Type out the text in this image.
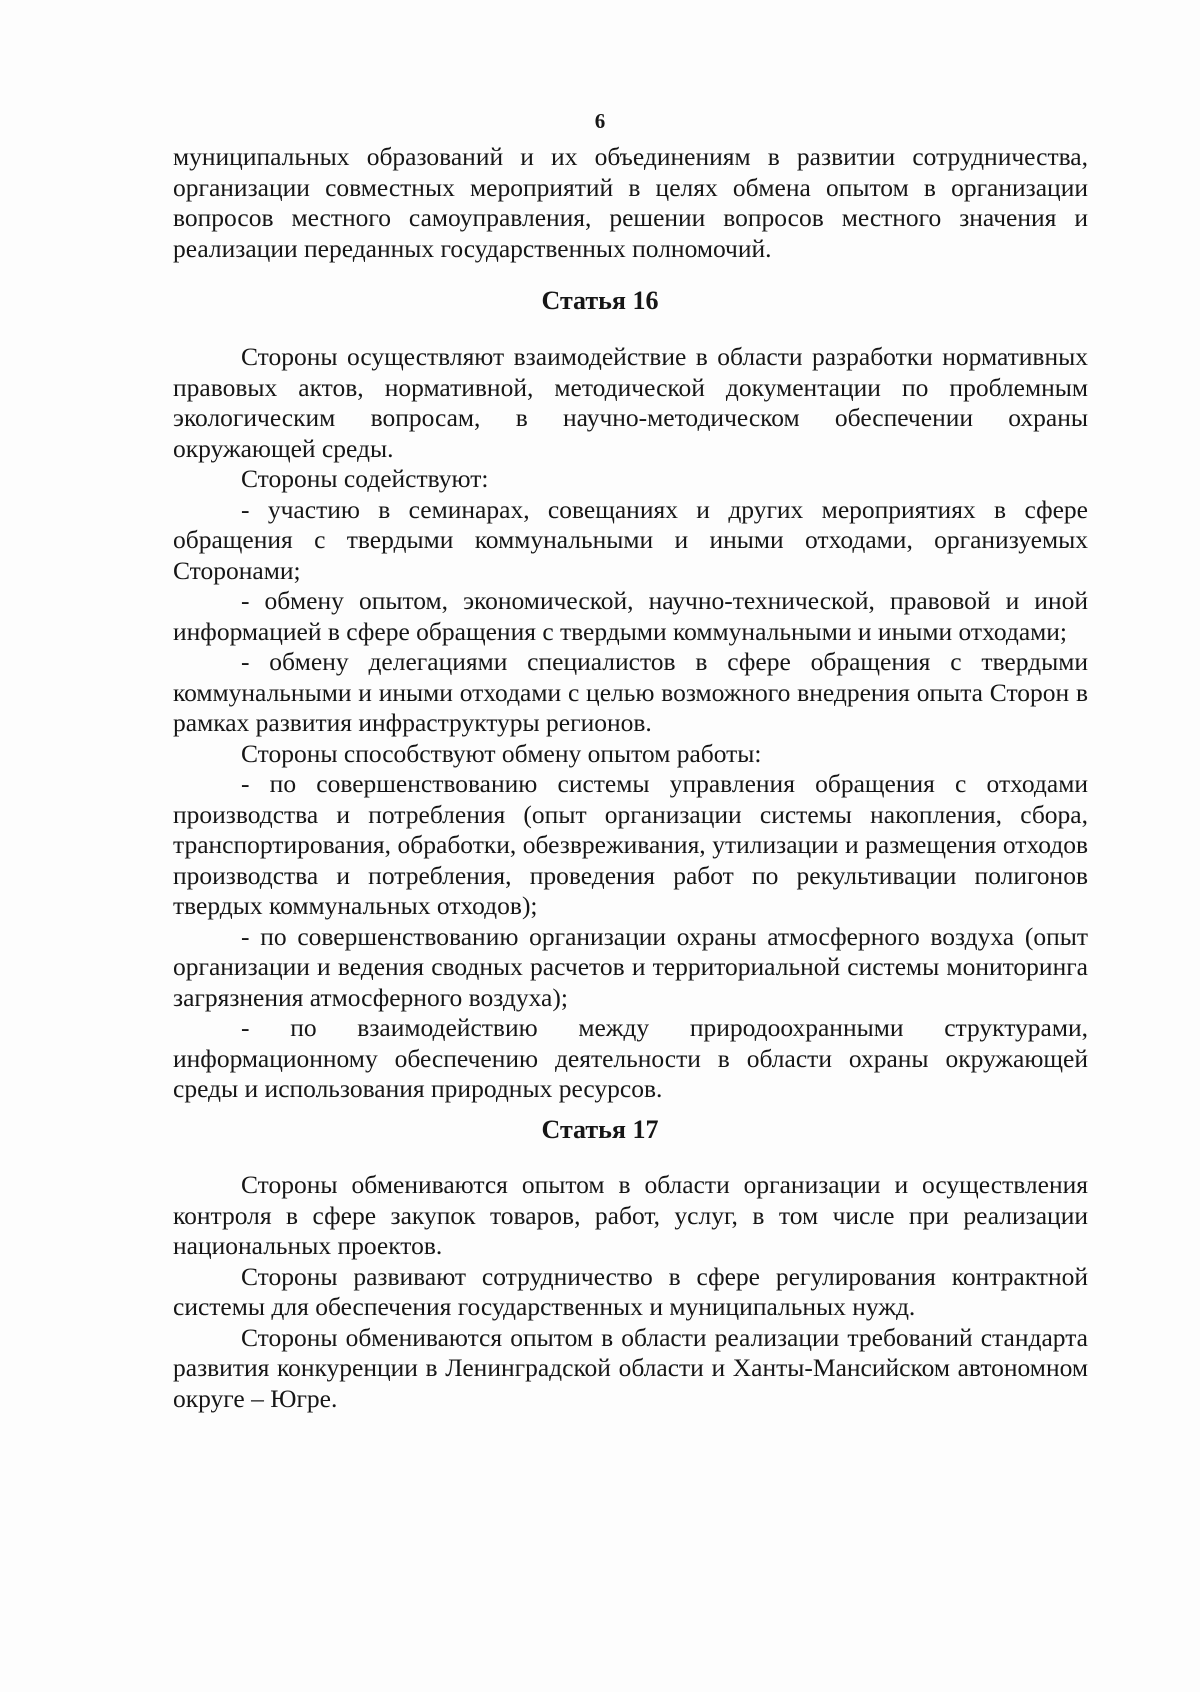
6

муниципальных образований и их объединениям в развитии сотрудничества, организации совместных мероприятий в целях обмена опытом в организации вопросов местного самоуправления, решении вопросов местного значения и реализации переданных государственных полномочий.

Статья 16

Стороны осуществляют взаимодействие в области разработки нормативных правовых актов, нормативной, методической документации по проблемным экологическим вопросам, в научно-методическом обеспечении охраны окружающей среды.

Стороны содействуют:

- участию в семинарах, совещаниях и других мероприятиях в сфере обращения с твердыми коммунальными и иными отходами, организуемых Сторонами;

- обмену опытом, экономической, научно-технической, правовой и иной информацией в сфере обращения с твердыми коммунальными и иными отходами;

- обмену делегациями специалистов в сфере обращения с твердыми коммунальными и иными отходами с целью возможного внедрения опыта Сторон в рамках развития инфраструктуры регионов.

Стороны способствуют обмену опытом работы:

- по совершенствованию системы управления обращения с отходами производства и потребления (опыт организации системы накопления, сбора, транспортирования, обработки, обезвреживания, утилизации и размещения отходов производства и потребления, проведения работ по рекультивации полигонов твердых коммунальных отходов);

- по совершенствованию организации охраны атмосферного воздуха (опыт организации и ведения сводных расчетов и территориальной системы мониторинга загрязнения атмосферного воздуха);

- по взаимодействию между природоохранными структурами, информационному обеспечению деятельности в области охраны окружающей среды и использования природных ресурсов.

Статья 17

Стороны обмениваются опытом в области организации и осуществления контроля в сфере закупок товаров, работ, услуг, в том числе при реализации национальных проектов.

Стороны развивают сотрудничество в сфере регулирования контрактной системы для обеспечения государственных и муниципальных нужд.

Стороны обмениваются опытом в области реализации требований стандарта развития конкуренции в Ленинградской области и Ханты-Мансийском автономном округе – Югре.
